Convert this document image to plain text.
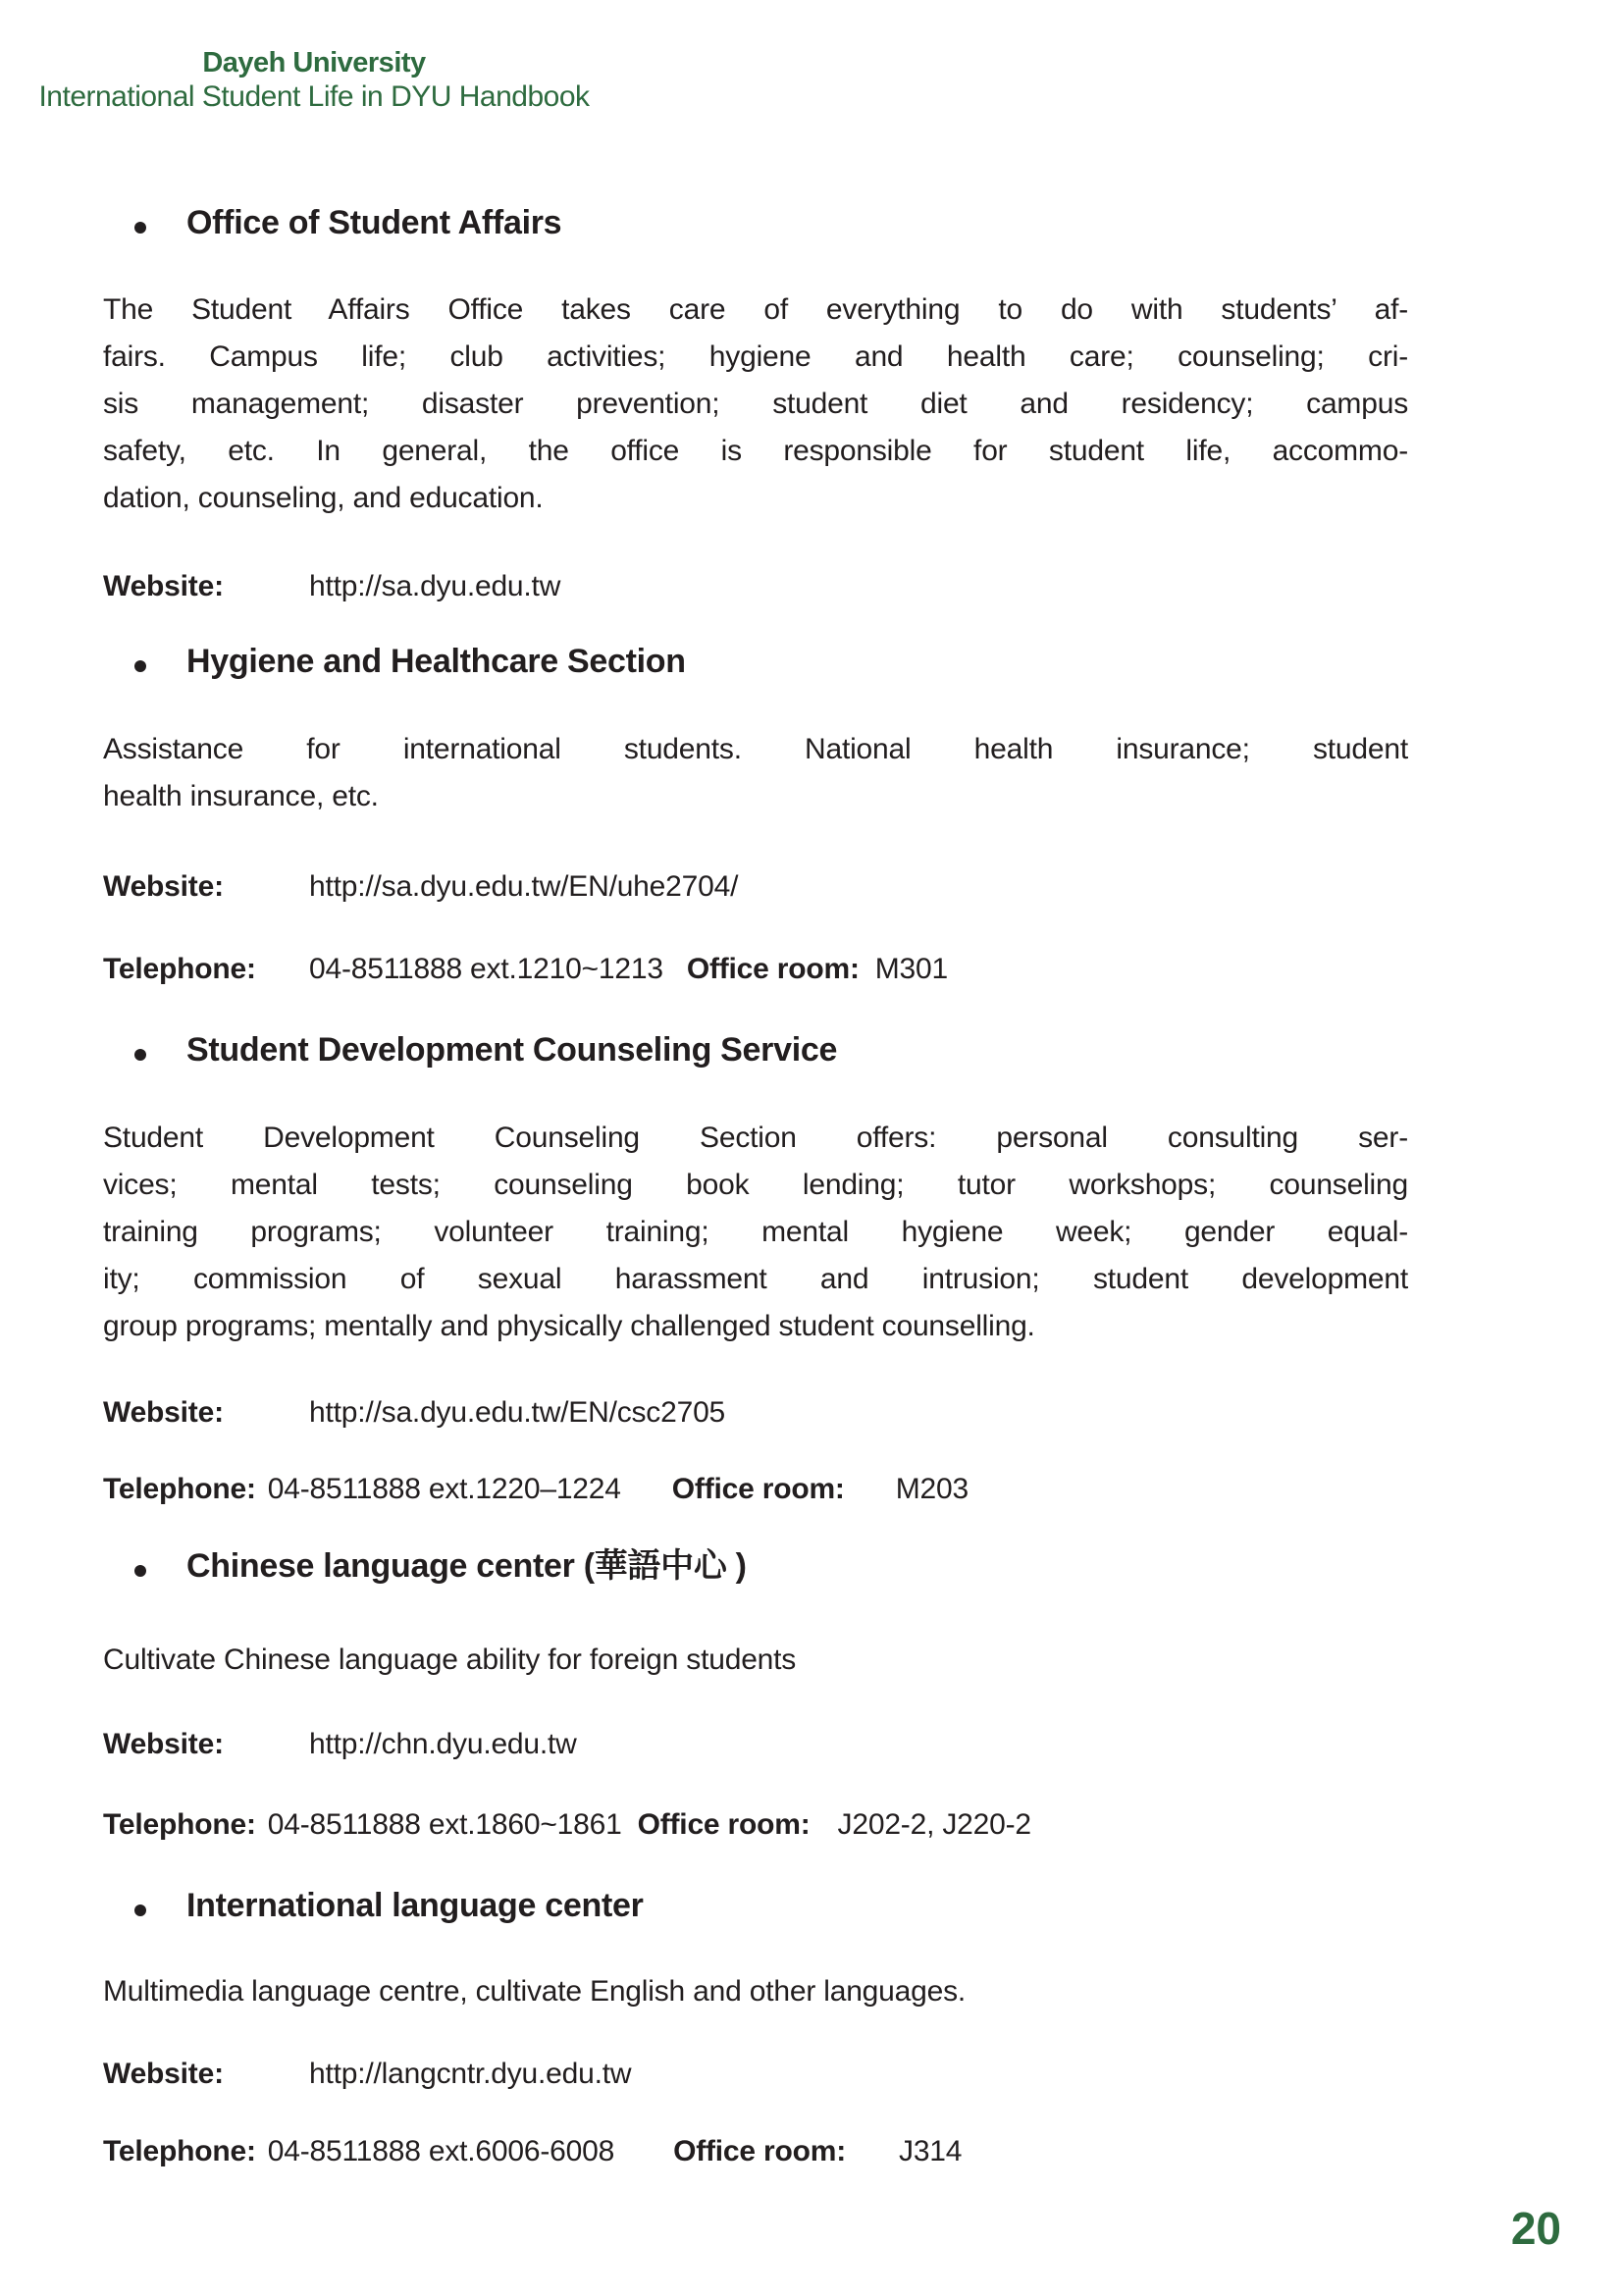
Dayeh University
International Student Life in DYU Handbook
Office of Student Affairs
The Student Affairs Office takes care of everything to do with students’ af-
fairs. Campus life; club activities; hygiene and health care; counseling; cri-
sis management; disaster prevention; student diet and residency; campus
safety, etc. In general, the office is responsible for student life, accommo-
dation, counseling, and education.
Website:	http://sa.dyu.edu.tw
Hygiene and Healthcare Section
Assistance for international students. National health insurance; student
health insurance, etc.
Website:	http://sa.dyu.edu.tw/EN/uhe2704/
Telephone:	04-8511888 ext.1210~1213 Office room: M301
Student Development Counseling Service
Student Development Counseling Section offers: personal consulting ser-
vices; mental tests; counseling book lending; tutor workshops; counseling
training programs; volunteer training; mental hygiene week; gender equal-
ity; commission of sexual harassment and intrusion; student development
group programs; mentally and physically challenged student counselling.
Website:	http://sa.dyu.edu.tw/EN/csc2705
Telephone: 04-8511888 ext.1220–1224 Office room: M203
Chinese language center (華語中心 )
Cultivate Chinese language ability for foreign students
Website:	http://chn.dyu.edu.tw
Telephone: 04-8511888 ext.1860~1861 Office room: J202-2, J220-2
International language center
Multimedia language centre, cultivate English and other languages.
Website:	http://langcntr.dyu.edu.tw
Telephone: 04-8511888 ext.6006-6008 Office room: J314
20
